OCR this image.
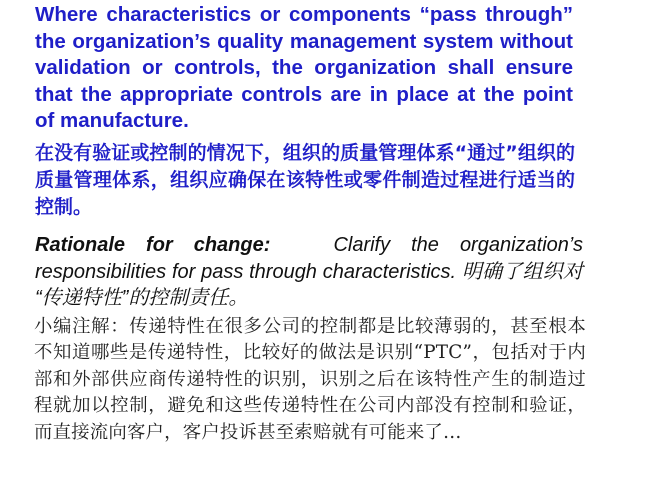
Where characteristics or components “pass through” the organization’s quality management system without validation or controls, the organization shall ensure that the appropriate controls are in place at the point of manufacture.
在没有验证或控制的情况下，组织的质量管理体系“通过”组织的质量管理体系，组织应确保在该特性或零件制造过程进行适当的控制。
Rationale for change:	Clarify the organization’s responsibilities for pass through characteristics. 明确了组织对 “传递特性”的控制责任。
小编注解：传递特性在很多公司的控制都是比较薄弱的，甚至根本不知道哪些是传递特性，比较好的做法是识别“PTC”，包括对于内部和外部供应商传递特性的识别，识别之后在该特性产生的制造过程就加以控制，避免和这些传递特性在公司内部没有控制和验证，而直接流向客户，客户投诉甚至索赔就有可能来了…
